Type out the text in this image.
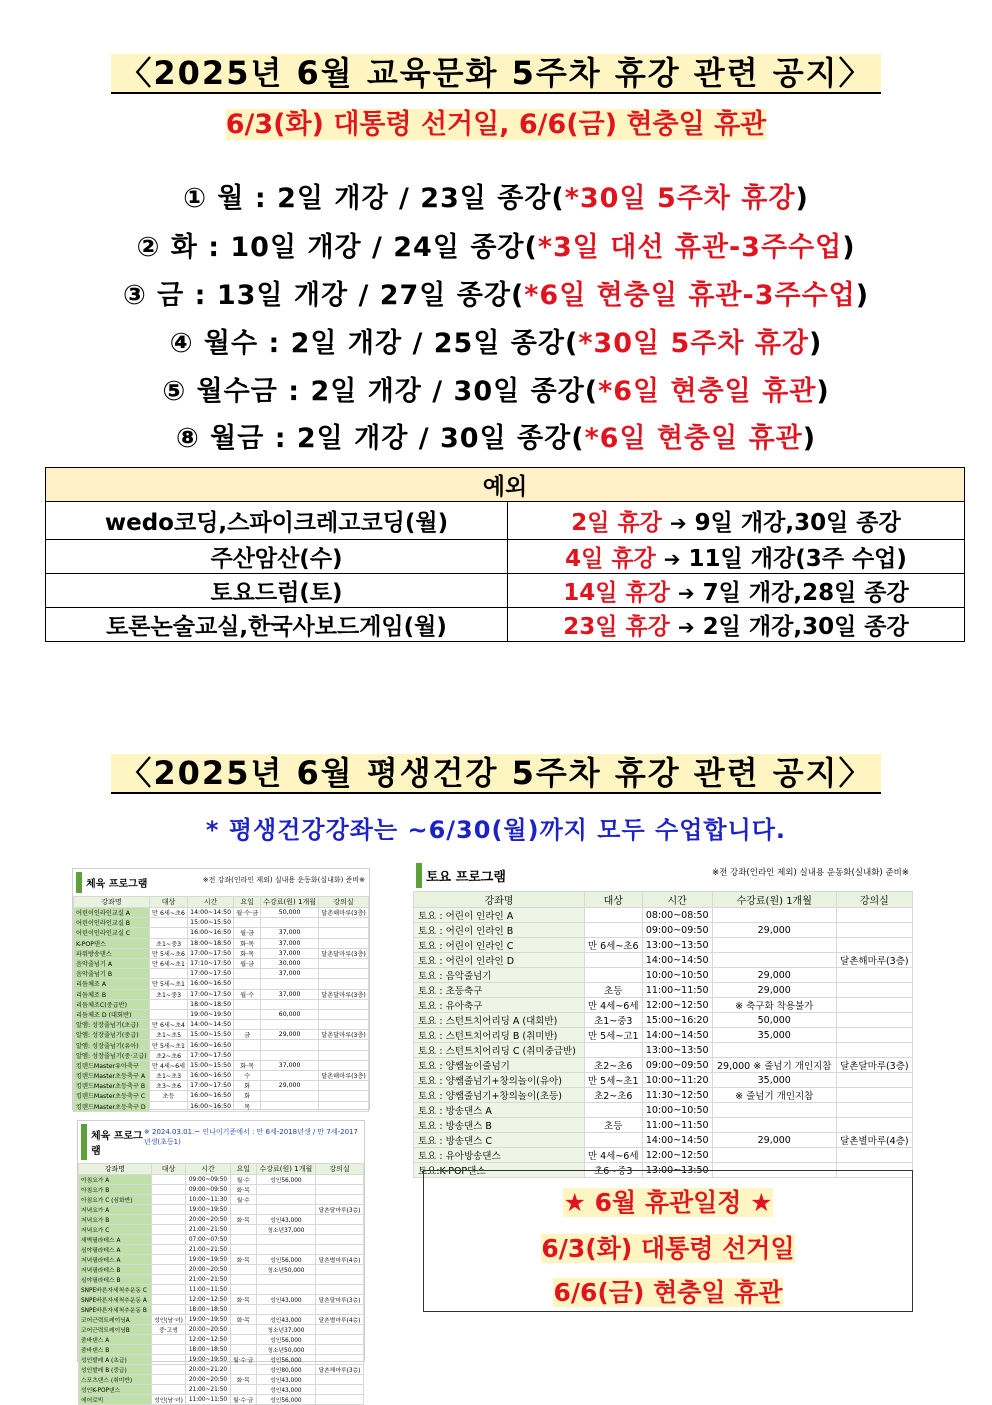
〈2025년 6월 교육문화 5주차 휴강 관련 공지〉
6/3(화) 대통령 선거일, 6/6(금) 현충일 휴관
① 월 : 2일 개강 / 23일 종강(*30일 5주차 휴강)
② 화 : 10일 개강 / 24일 종강(*3일 대선 휴관-3주수업)
③ 금 : 13일 개강 / 27일 종강(*6일 현충일 휴관-3주수업)
④ 월수 : 2일 개강 / 25일 종강(*30일 5주차 휴강)
⑤ 월수금 : 2일 개강 / 30일 종강(*6일 현충일 휴관)
⑧ 월금 : 2일 개강 / 30일 종강(*6일 현충일 휴관)
예외	
wedo코딩,스파이크레고코딩(월)	2일 휴강 ➔ 9일 개강,30일 종강
주산암산(수)	4일 휴강 ➔ 11일 개강(3주 수업)
토요드럼(토)	14일 휴강 ➔ 7일 개강,28일 종강
토론논술교실,한국사보드게임(월)	23일 휴강 ➔ 2일 개강,30일 종강
〈2025년 6월 평생건강 5주차 휴강 관련 공지〉
* 평생건강강좌는 ~6/30(월)까지 모두 수업합니다.
체육 프로그램	※전 강좌(인라인 제외) 실내용 운동화(실내화) 준비※
강좌명	대상	시간	요일	수강료(원) 1개월	강의실
어린이인라인교실 A	만 6세~초6	14:00~14:50	월·수·금	50,000	달촌해마루(3층)
어린이인라인교실 B		15:00~15:50			
어린이인라인교실 C		16:00~16:50	월·금	37,000	
K-POP댄스	초1~중3	18:00~18:50	화·목	37,000	
파워방송댄스	만 5세~초6	17:00~17:50	화·목	37,000	달촌달마루(3층)
음악줄넘기 A	만 6세~초1	17:10~17:50	월·금	30,000	
음악줄넘기 B		17:00~17:50		37,000	
리듬체조 A	만 5세~초1	16:00~16:50			
리듬체조 B	초1~중3	17:00~17:50	월·수	37,000	달촌달마루(3층)
리듬체조C(중급반)		18:00~18:50			
리듬체조 D (대회반)		19:00~19:50		60,000	
알엠: 성장줄넘기(초급)	만 6세~초4	14:00~14:50			
알엠: 성장줄넘기(중급)	초1~초5	15:00~15:50	금	29,000	달촌달마루(3층)
알엠: 성장줄넘기(유아)	만 5세~초1	16:00~16:50			
알엠: 성장줄넘기(중·고급)	초2~초6	17:00~17:50			
킹덴드Master유아축구	만 4세~6세	15:00~15:50	화·목	37,000	
킹덴드Master초등축구 A	초1~초3	16:00~16:50	수		달촌해마루(3층)
킹덴드Master초등축구 B	초3~초6	17:00~17:50	화	29,000	
킹덴드Master초등축구 C	초등	16:00~16:50	화		
킹덴드Master초등축구 D		16:00~16:50	목		
체육 프로그램
※ 2024.03.01.~ 인나이기준에서 : 만 6세-2018년생 / 만 7세-2017년생(초등1)
강좌명	대상	시간	요일	수강료(원) 1개월	강의실
아침요가 A		09:00~09:50	월·수	성인56,000	
아침요가 B		09:00~09:50	화·목		
아침요가 C (심화반)		10:00~11:30	월·수		
저녁요가 A		19:00~19:50			달촌달마루(3층)
저녁요가 B		20:00~20:50	화·목	성인43,000	
저녁요가 C		21:00~21:50		청소년37,000	
새벽필라테스 A		07:00~07:50			
심야필라테스 A		21:00~21:50			
저녁필라테스 A		19:00~19:50	화·목	성인56,000	달촌별마루(4층)
저녁필라테스 B		20:00~20:50		청소년50,000	
심야필라테스 B		21:00~21:50			
SNPE바른자세척추운동 C		11:00~11:50			
SNPE바른자세척추운동 A		12:00~12:50	화·목	성인43,000	달촌달마루(3층)
SNPE바른자세척추운동 B		18:00~18:50			
코어근력트레이닝A	성인(남·녀)	19:00~19:50	화·목	성인43,000	달촌별마루(4층)
코어근력트레이닝B	중·고생	20:00~20:50		청소년37,000	
줌바댄스 A		12:00~12:50		성인56,000	
줌바댄스 B		18:00~18:50		청소년50,000	
성인발레 A (초급)		19:00~19:50	월·수·금	성인56,000	
성인발레 B (중급)		20:00~21:20		성인80,000	달촌해마루(3층)
스포츠댄스 (취미반)		20:00~20:50	화·목	성인43,000	
성인K-POP댄스		21:00~21:50		성인43,000	
에어로빅	성인(남·녀)	11:00~11:50	월·수·금	성인56,000	
토요 프로그램	※전 강좌(인라인 제외) 실내용 운동화(실내화) 준비※
강좌명	대상	시간	수강료(원) 1개월	강의실
토요 : 어린이 인라인 A		08:00~08:50		
토요 : 어린이 인라인 B		09:00~09:50	29,000	
토요 : 어린이 인라인 C	만 6세~초6	13:00~13:50		
토요 : 어린이 인라인 D		14:00~14:50		달촌해마루(3층)
토요 : 음악줄넘기		10:00~10:50	29,000	
토요 : 초등축구	초등	11:00~11:50	29,000	
토요 : 유아축구	만 4세~6세	12:00~12:50	※ 축구화 착용불가	
토요 : 스턴트치어리딩 A (대회반)	초1~중3	15:00~16:20	50,000	
토요 : 스턴트치어리딩 B (취미반)	만 5세~고1	14:00~14:50	35,000	
토요 : 스턴트치어리딩 C (취미중급반)		13:00~13:50		
토요 : 양쌤놀이줄넘기	초2~초6	09:00~09:50	29,000 ※ 줄넘기 개인지참	달촌달마루(3층)
토요 : 양쌤줄넘기+창의놀이(유아)	만 5세~초1	10:00~11:20	35,000	
토요 : 양쌤줄넘기+창의놀이(초등)	초2~초6	11:30~12:50	※ 줄넘기 개인지참	
토요 : 방송댄스 A		10:00~10:50		
토요 : 방송댄스 B	초등	11:00~11:50		
토요 : 방송댄스 C		14:00~14:50	29,000	달촌별마루(4층)
토요 : 유아방송댄스	만 4세~6세	12:00~12:50		
토요:K-POP댄스	초6~중3	13:00~13:50		
★ 6월 휴관일정 ★
6/3(화) 대통령 선거일
6/6(금) 현충일 휴관
